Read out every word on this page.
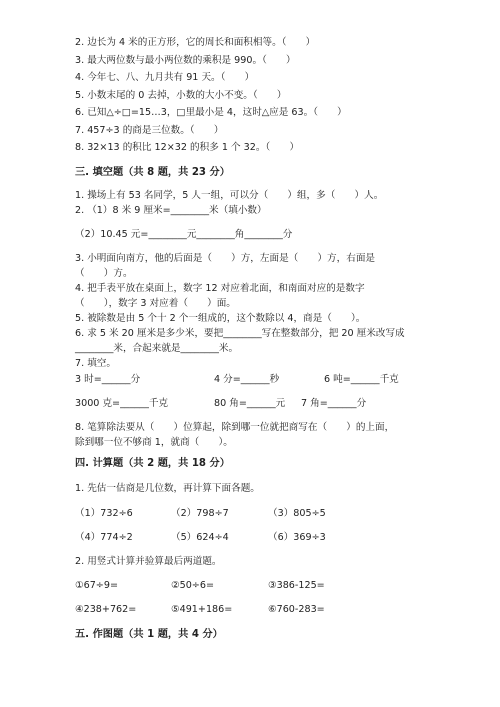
2. 边长为 4 米的正方形，它的周长和面积相等。（　　）
3. 最大两位数与最小两位数的乘积是 990。（　　）
4. 今年七、八、九月共有 91 天。（　　）
5. 小数末尾的 0 去掉，小数的大小不变。（　　）
6. 已知△÷□=15…3，□里最小是 4，这时△应是 63。（　　）
7. 457÷3 的商是三位数。（　　）
8. 32×13 的积比 12×32 的积多 1 个 32。（　　）
三. 填空题（共 8 题，共 23 分）
1. 操场上有 53 名同学，5 人一组，可以分（　　）组，多（　　）人。
2. （1）8 米 9 厘米=________米（填小数）
（2）10.45 元=________元________角________分
3. 小明面向南方，他的后面是（　　）方，左面是（　　）方，右面是
（　　）方。
4. 把手表平放在桌面上，数字 12 对应着北面，和南面对应的是数字
（　　），数字 3 对应着（　　）面。
5. 被除数是由 5 个十 2 个一组成的，这个数除以 4，商是（　　）。
6. 求 5 米 20 厘米是多少米，要把________写在整数部分，把 20 厘米改写成
________米，合起来就是________米。
7. 填空。
3 时=______分	4 分=______秒	6 吨=______千克
3000 克=______千克	80 角=______元 7 角=______分
8. 笔算除法要从（　　）位算起，除到哪一位就把商写在（　　）的上面，
除到哪一位不够商 1，就商（　　）。
四. 计算题（共 2 题，共 18 分）
1. 先估一估商是几位数，再计算下面各题。
（1）732÷6	（2）798÷7	（3）805÷5
（4）774÷2	（5）624÷4	（6）369÷3
2. 用竖式计算并验算最后两道题。
①67÷9=	②50÷6=	③386-125=
④238+762=	⑤491+186=	⑥760-283=
五. 作图题（共 1 题，共 4 分）
